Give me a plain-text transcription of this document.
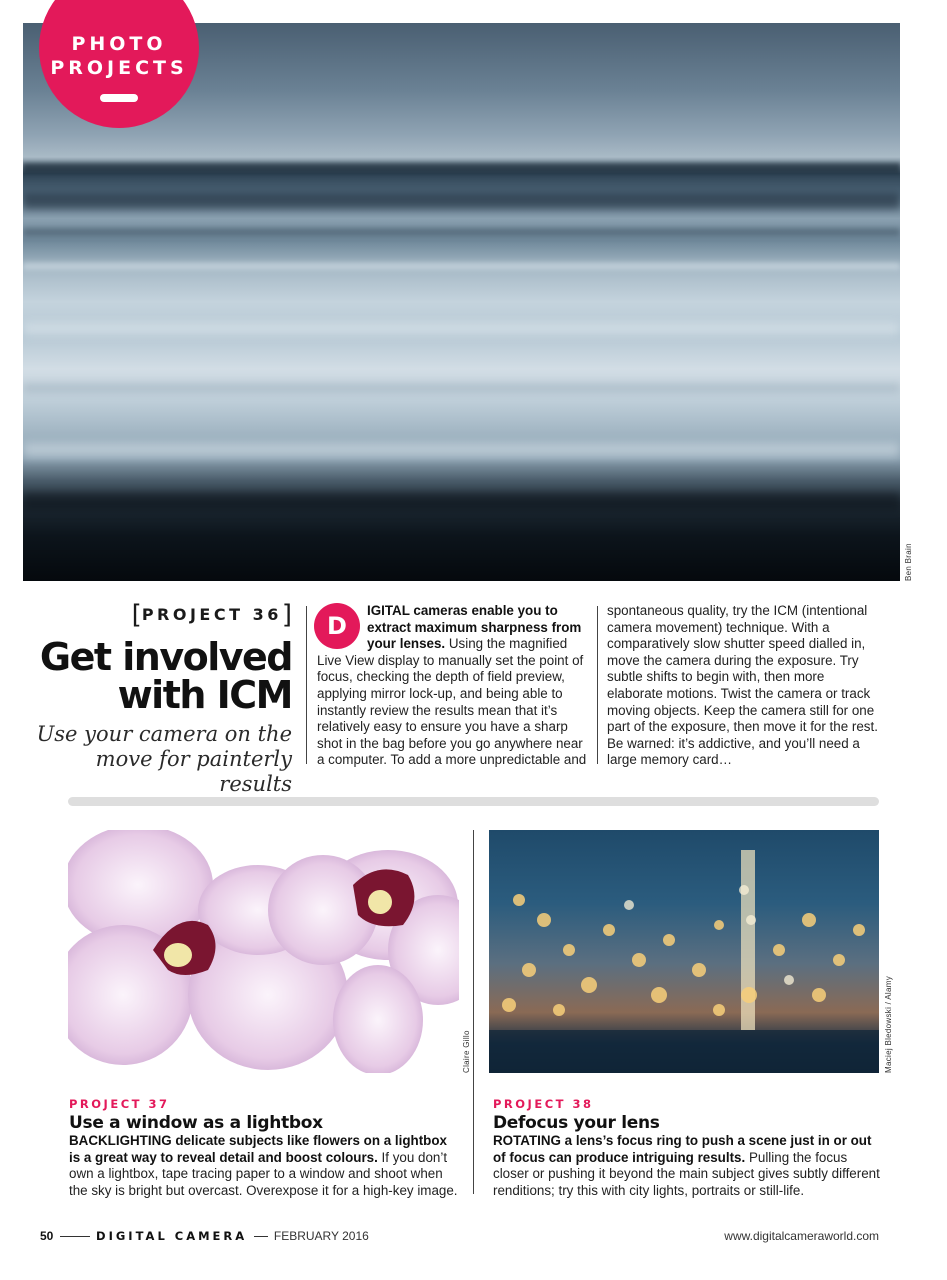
Ben Brain
PHOTO
PROJECTS
[PROJECT 36]
Get involved with ICM
Use your camera on the move for painterly results
D
IGITAL cameras enable you to extract maximum sharpness from your lenses. Using the magnified Live View display to manually set the point of focus, checking the depth of field preview, applying mirror lock-up, and being able to instantly review the results mean that it’s relatively easy to ensure you have a sharp shot in the bag before you go anywhere near a computer. To add a more unpredictable and
spontaneous quality, try the ICM (intentional camera movement) technique. With a comparatively slow shutter speed dialled in, move the camera during the exposure. Try subtle shifts to begin with, then more elaborate motions. Twist the camera or track moving objects. Keep the camera still for one part of the exposure, then move it for the rest. Be warned: it’s addictive, and you’ll need a large memory card…
Claire Gillo	Maciej Bledowski / Alamy
PROJECT 37
Use a window as a lightbox
BACKLIGHTING delicate subjects like flowers on a lightbox is a great way to reveal detail and boost colours. If you don’t own a lightbox, tape tracing paper to a window and shoot when the sky is bright but overcast. Overexpose it for a high-key image.
PROJECT 38
Defocus your lens
ROTATING a lens’s focus ring to push a scene just in or out of focus can produce intriguing results. Pulling the focus closer or pushing it beyond the main subject gives subtly different renditions; try this with city lights, portraits or still-life.
50	DIGITAL CAMERA FEBRUARY 2016	www.digitalcameraworld.com
